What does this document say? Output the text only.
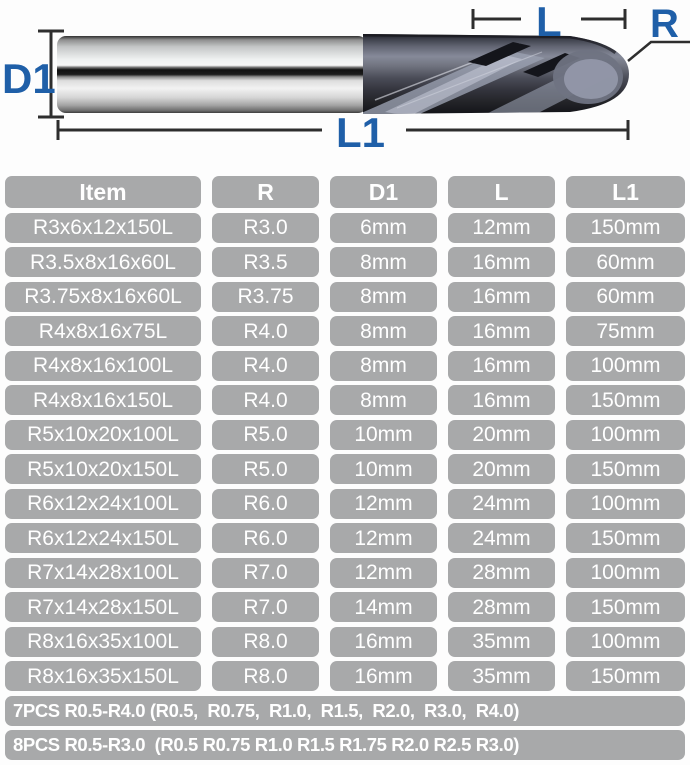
D1
L R
L1
Item	R	D1	L	L1
R3x6x12x150L	R3.0	6mm	12mm	150mm
R3.5x8x16x60L	R3.5	8mm	16mm	60mm
R3.75x8x16x60L	R3.75	8mm	16mm	60mm
R4x8x16x75L	R4.0	8mm	16mm	75mm
R4x8x16x100L	R4.0	8mm	16mm	100mm
R4x8x16x150L	R4.0	8mm	16mm	150mm
R5x10x20x100L	R5.0	10mm	20mm	100mm
R5x10x20x150L	R5.0	10mm	20mm	150mm
R6x12x24x100L	R6.0	12mm	24mm	100mm
R6x12x24x150L	R6.0	12mm	24mm	150mm
R7x14x28x100L	R7.0	12mm	28mm	100mm
R7x14x28x150L	R7.0	14mm	28mm	150mm
R8x16x35x100L	R8.0	16mm	35mm	100mm
R8x16x35x150L	R8.0	16mm	35mm	150mm
7PCS R0.5-R4.0 (R0.5,  R0.75,  R1.0,  R1.5,  R2.0,  R3.0,  R4.0)
8PCS R0.5-R3.0  (R0.5 R0.75 R1.0 R1.5 R1.75 R2.0 R2.5 R3.0)
